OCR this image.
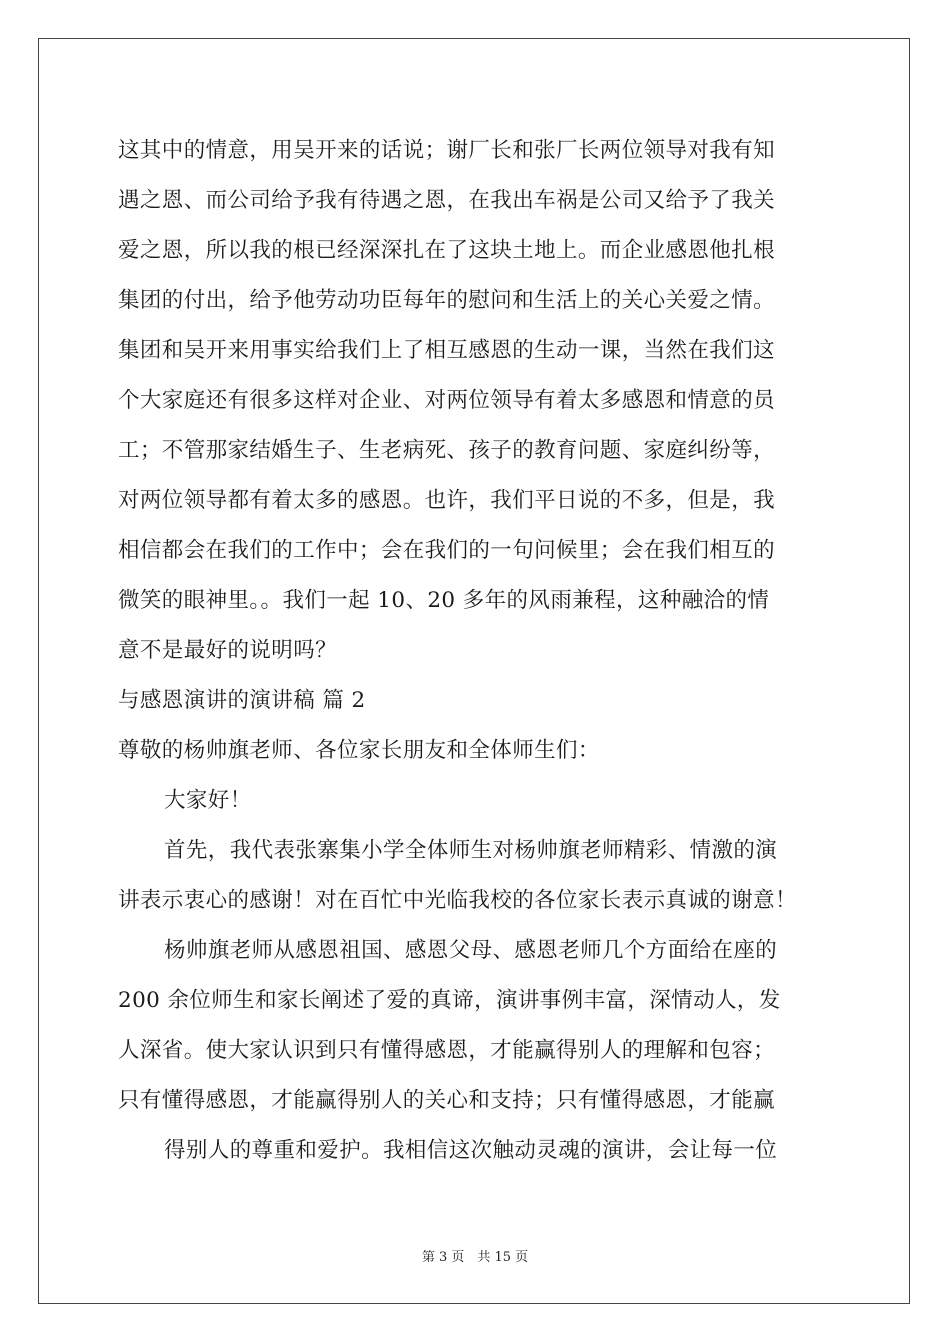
这其中的情意，用吴开来的话说；谢厂长和张厂长两位领导对我有知
遇之恩、而公司给予我有待遇之恩，在我出车祸是公司又给予了我关
爱之恩，所以我的根已经深深扎在了这块土地上。而企业感恩他扎根
集团的付出，给予他劳动功臣每年的慰问和生活上的关心关爱之情。
集团和吴开来用事实给我们上了相互感恩的生动一课，当然在我们这
个大家庭还有很多这样对企业、对两位领导有着太多感恩和情意的员
工；不管那家结婚生子、生老病死、孩子的教育问题、家庭纠纷等，
对两位领导都有着太多的感恩。也许，我们平日说的不多，但是，我
相信都会在我们的工作中；会在我们的一句问候里；会在我们相互的
微笑的眼神里。。我们一起 10、20 多年的风雨兼程，这种融洽的情
意不是最好的说明吗？
与感恩演讲的演讲稿 篇 2
尊敬的杨帅旗老师、各位家长朋友和全体师生们：
大家好！
首先，我代表张寨集小学全体师生对杨帅旗老师精彩、情激的演
讲表示衷心的感谢！对在百忙中光临我校的各位家长表示真诚的谢意！
杨帅旗老师从感恩祖国、感恩父母、感恩老师几个方面给在座的
200 余位师生和家长阐述了爱的真谛，演讲事例丰富，深情动人，发
人深省。使大家认识到只有懂得感恩，才能赢得别人的理解和包容；
只有懂得感恩，才能赢得别人的关心和支持；只有懂得感恩，才能赢
得别人的尊重和爱护。我相信这次触动灵魂的演讲，会让每一位
第 3 页　共 15 页
